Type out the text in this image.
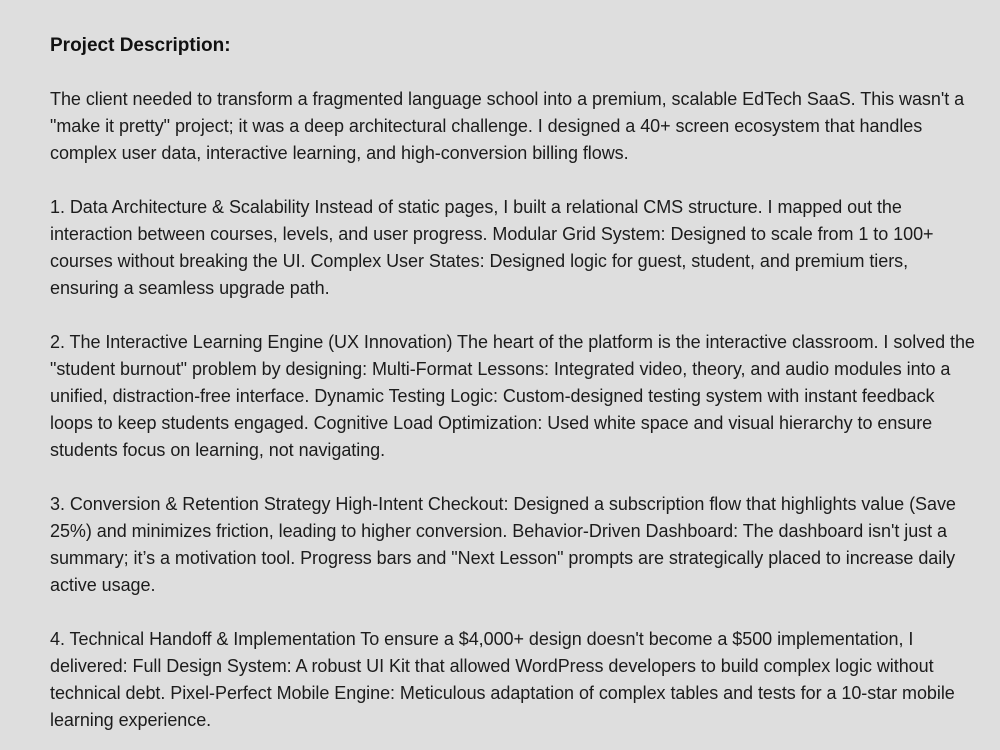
Project Description:

The client needed to transform a fragmented language school into a premium, scalable EdTech SaaS. This wasn't a "make it pretty" project; it was a deep architectural challenge. I designed a 40+ screen ecosystem that handles complex user data, interactive learning, and high-conversion billing flows.

1. Data Architecture & Scalability Instead of static pages, I built a relational CMS structure. I mapped out the interaction between courses, levels, and user progress. Modular Grid System: Designed to scale from 1 to 100+ courses without breaking the UI. Complex User States: Designed logic for guest, student, and premium tiers, ensuring a seamless upgrade path.

2. The Interactive Learning Engine (UX Innovation) The heart of the platform is the interactive classroom. I solved the "student burnout" problem by designing: Multi-Format Lessons: Integrated video, theory, and audio modules into a unified, distraction-free interface. Dynamic Testing Logic: Custom-designed testing system with instant feedback loops to keep students engaged. Cognitive Load Optimization: Used white space and visual hierarchy to ensure students focus on learning, not navigating.

3. Conversion & Retention Strategy High-Intent Checkout: Designed a subscription flow that highlights value (Save 25%) and minimizes friction, leading to higher conversion. Behavior-Driven Dashboard: The dashboard isn't just a summary; it’s a motivation tool. Progress bars and "Next Lesson" prompts are strategically placed to increase daily active usage.

4. Technical Handoff & Implementation To ensure a $4,000+ design doesn't become a $500 implementation, I delivered: Full Design System: A robust UI Kit that allowed WordPress developers to build complex logic without technical debt. Pixel-Perfect Mobile Engine: Meticulous adaptation of complex tables and tests for a 10-star mobile learning experience.
